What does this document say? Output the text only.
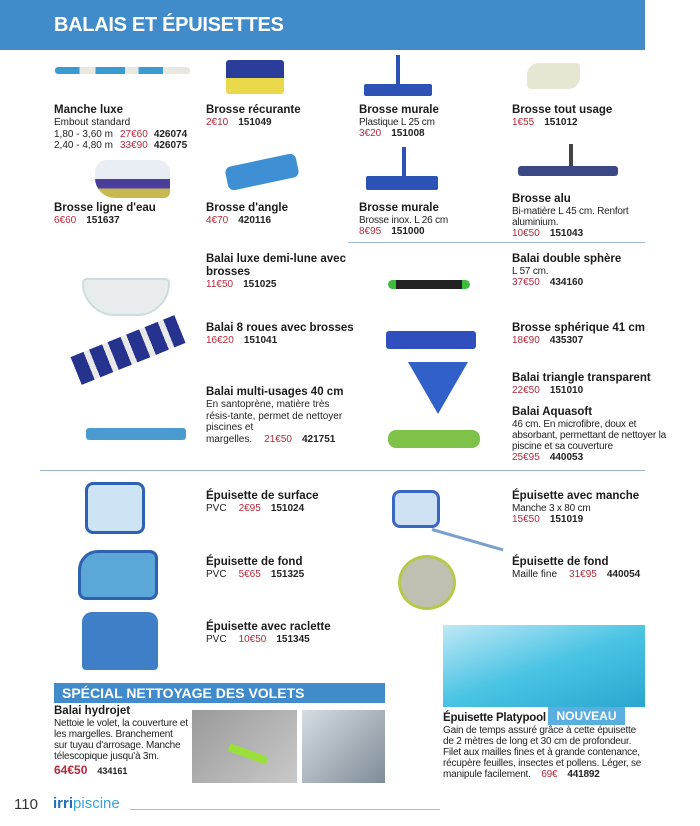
BALAIS ET ÉPUISETTES
Manche luxe
Embout standard
1,80 - 3,60 m 27€60 426074
2,40 - 4,80 m 33€90 426075
Brosse récurante
2€10 151049
Brosse murale
Plastique L 25 cm
3€20 151008
Brosse tout usage
1€55 151012
Brosse ligne d'eau
6€60 151637
Brosse d'angle
4€70 420116
Brosse murale
Brosse inox. L 26 cm
8€95 151000
Brosse alu
Bi-matière L 45 cm. Renfort aluminium.
10€50 151043
Balai luxe demi-lune avec brosses
11€50 151025
Balai 8 roues avec brosses
16€20 151041
Balai multi-usages 40 cm
En santoprène, matière très résis-tante, permet de nettoyer piscines et margelles. 21€50 421751
Balai double sphère
L 57 cm.
37€50 434160
Brosse sphérique 41 cm
18€90 435307
Balai triangle transparent
22€50 151010
Balai Aquasoft
46 cm. En microfibre, doux et absorbant, permettant de nettoyer la piscine et sa couverture
25€95 440053
Épuisette de surface
PVC 2€95 151024
Épuisette de fond
PVC 5€65 151325
Épuisette avec raclette
PVC 10€50 151345
Épuisette avec manche
Manche 3 x 80 cm
15€50 151019
Épuisette de fond
Maille fine 31€95 440054
SPÉCIAL NETTOYAGE DES VOLETS
Balai hydrojet
Nettoie le volet, la couverture et les margelles. Branchement sur tuyau d'arrosage. Manche télescopique jusqu'à 3m.
64€50 434161
NOUVEAU
Épuisette Platypool
Gain de temps assuré grâce à cette épuisette de 2 mètres de long et 30 cm de profondeur. Filet aux mailles fines et à grande contenance, récupère feuilles, insectes et pollens. Léger, se manipule facilement. 69€ 441892
110 irripiscine
